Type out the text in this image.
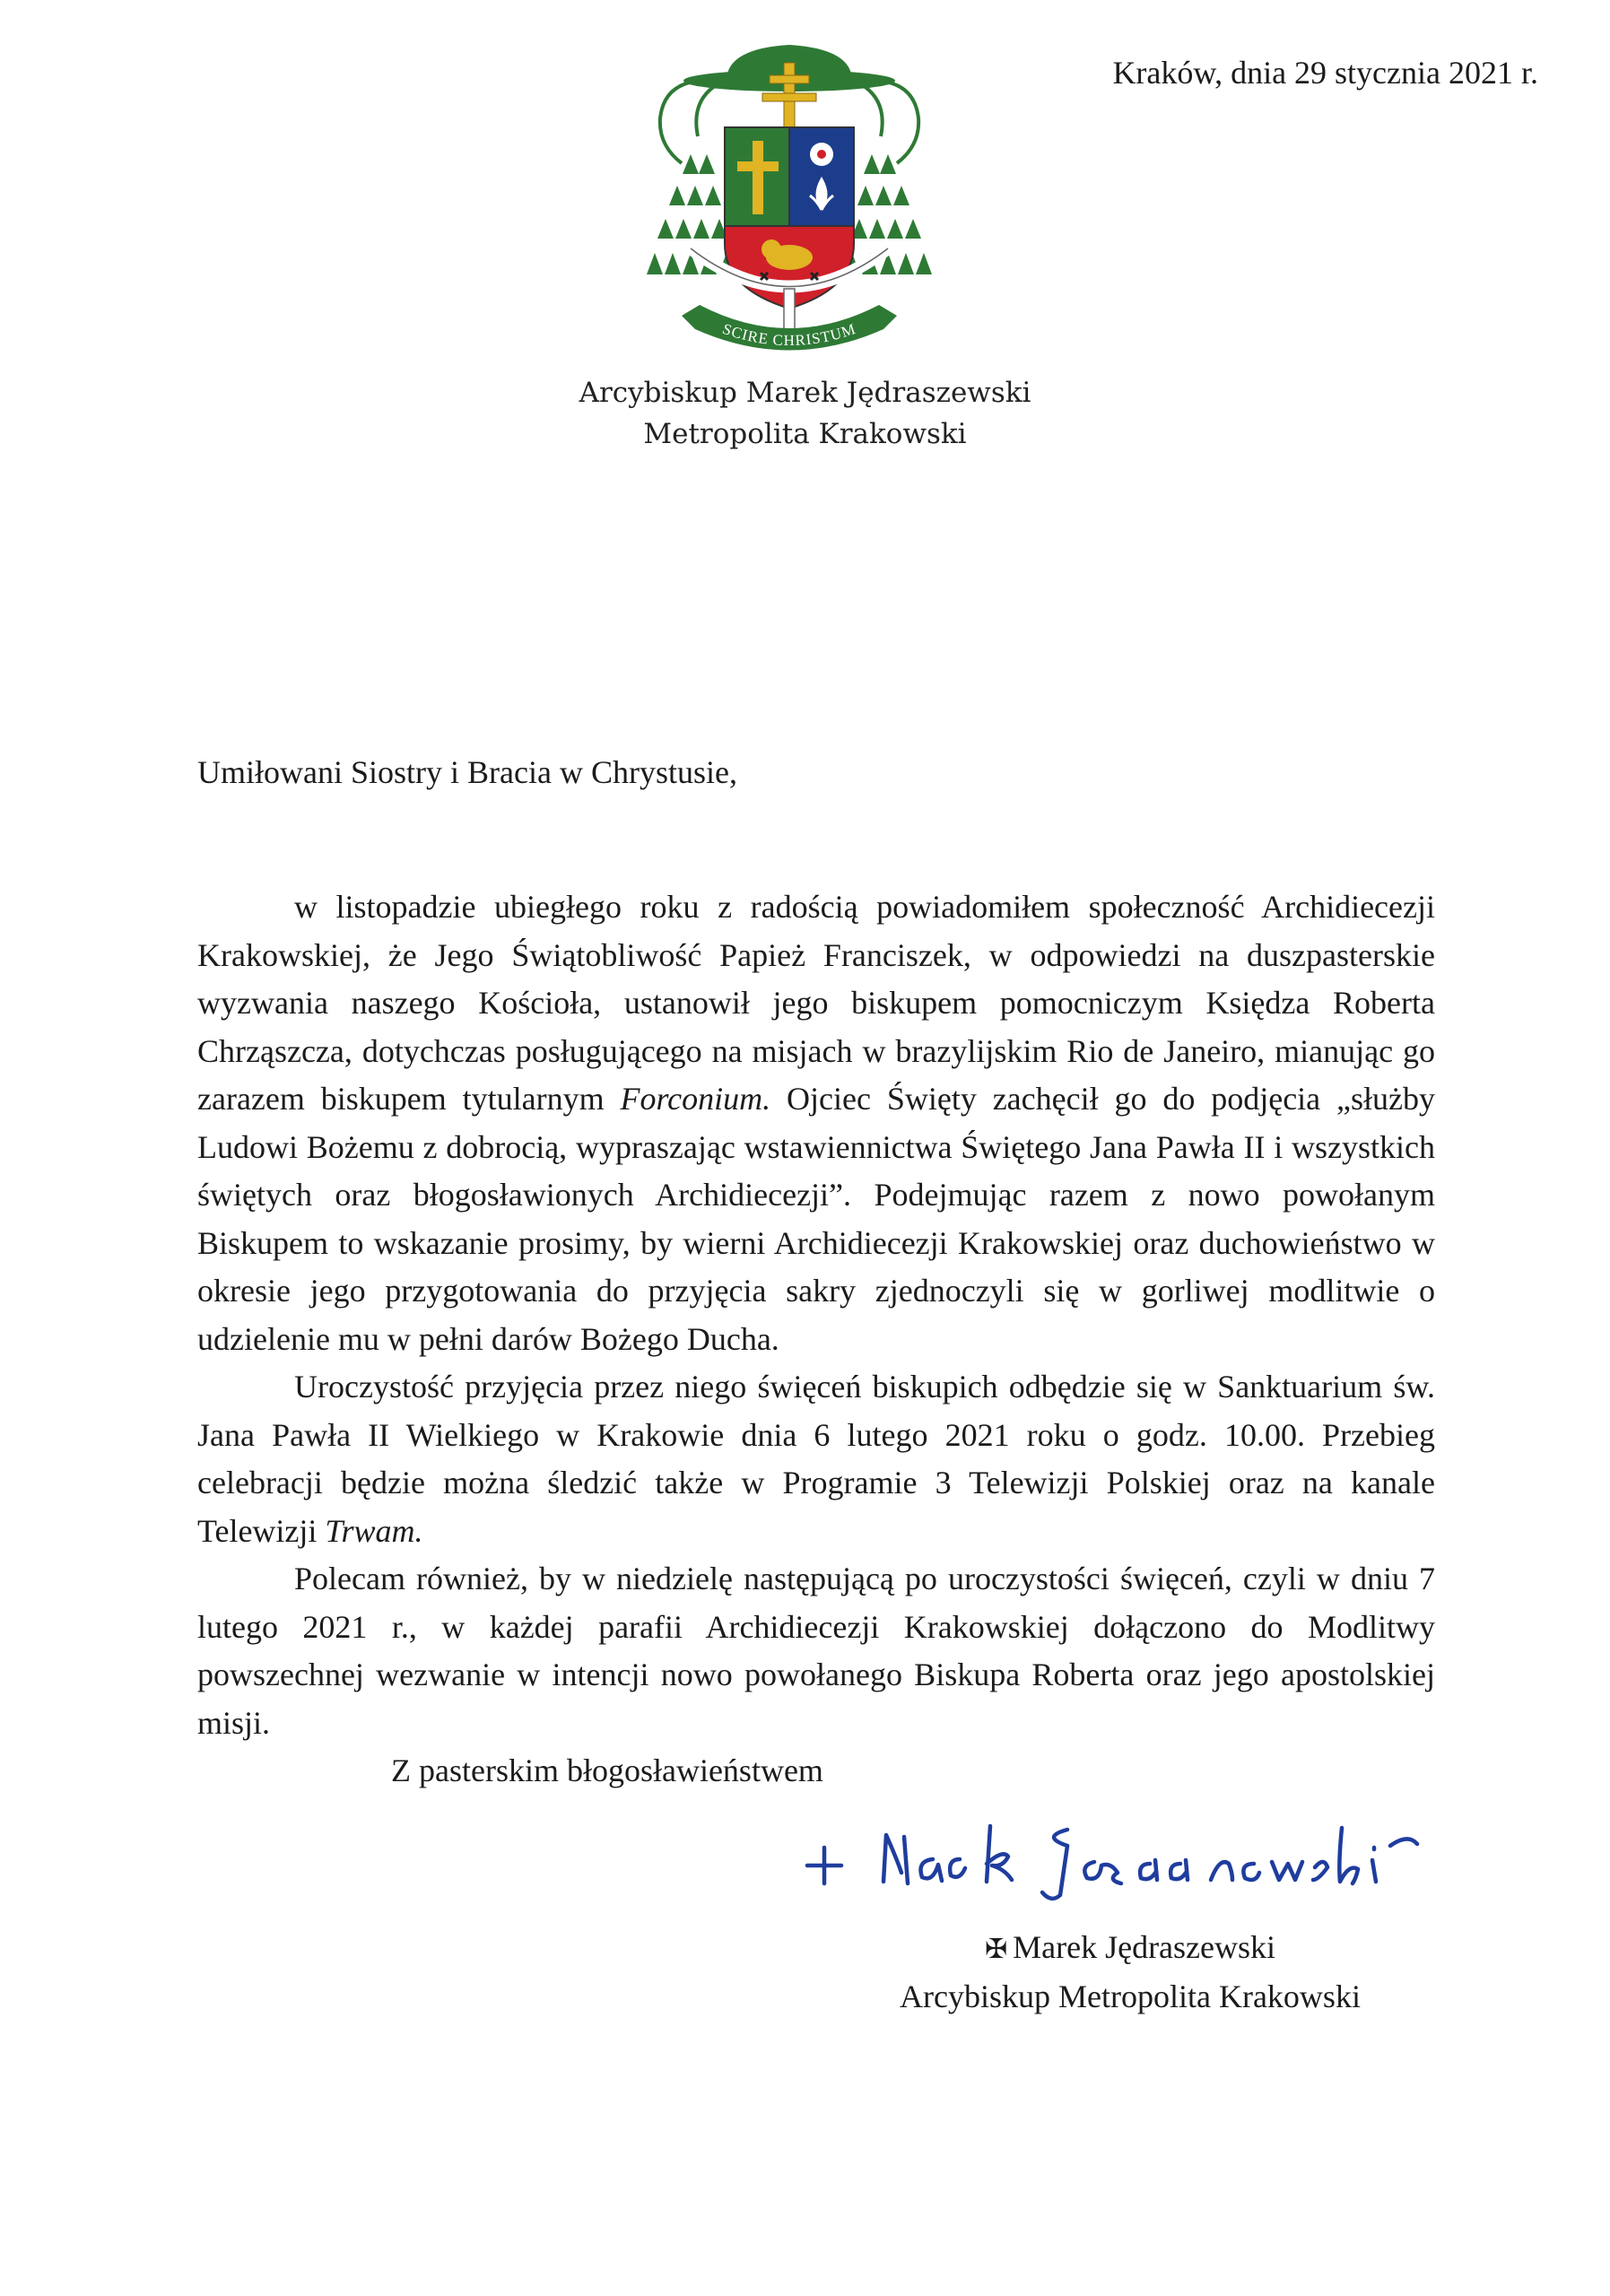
SCIRE CHRISTUM
Kraków, dnia 29 stycznia 2021 r.
Arcybiskup Marek Jędraszewski
Metropolita Krakowski
Umiłowani Siostry i Bracia w Chrystusie,

w listopadzie ubiegłego roku z radością powiadomiłem społeczność Archidiecezji Krakowskiej, że Jego Świątobliwość Papież Franciszek, w odpowiedzi na duszpasterskie wyzwania naszego Kościoła, ustanowił jego biskupem pomocniczym Księdza Roberta Chrząszcza, dotychczas posługującego na misjach w brazylijskim Rio de Janeiro, mianując go zarazem biskupem tytularnym Forconium. Ojciec Święty zachęcił go do podjęcia „służby Ludowi Bożemu z dobrocią, wypraszając wstawiennictwa Świętego Jana Pawła II i wszystkich świętych oraz błogosławionych Archidiecezji”. Podejmując razem z nowo powołanym Biskupem to wskazanie prosimy, by wierni Archidiecezji Krakowskiej oraz duchowieństwo w okresie jego przygotowania do przyjęcia sakry zjednoczyli się w gorliwej modlitwie o udzielenie mu w pełni darów Bożego Ducha.

Uroczystość przyjęcia przez niego święceń biskupich odbędzie się w Sanktuarium św. Jana Pawła II Wielkiego w Krakowie dnia 6 lutego 2021 roku o godz. 10.00. Przebieg celebracji będzie można śledzić także w Programie 3 Telewizji Polskiej oraz na kanale Telewizji Trwam.

Polecam również, by w niedzielę następującą po uroczystości święceń, czyli w dniu 7 lutego 2021 r., w każdej parafii Archidiecezji Krakowskiej dołączono do Modlitwy powszechnej wezwanie w intencji nowo powołanego Biskupa Roberta oraz jego apostolskiej misji.

Z pasterskim błogosławieństwem

✠ Marek Jędraszewski
Arcybiskup Metropolita Krakowski
